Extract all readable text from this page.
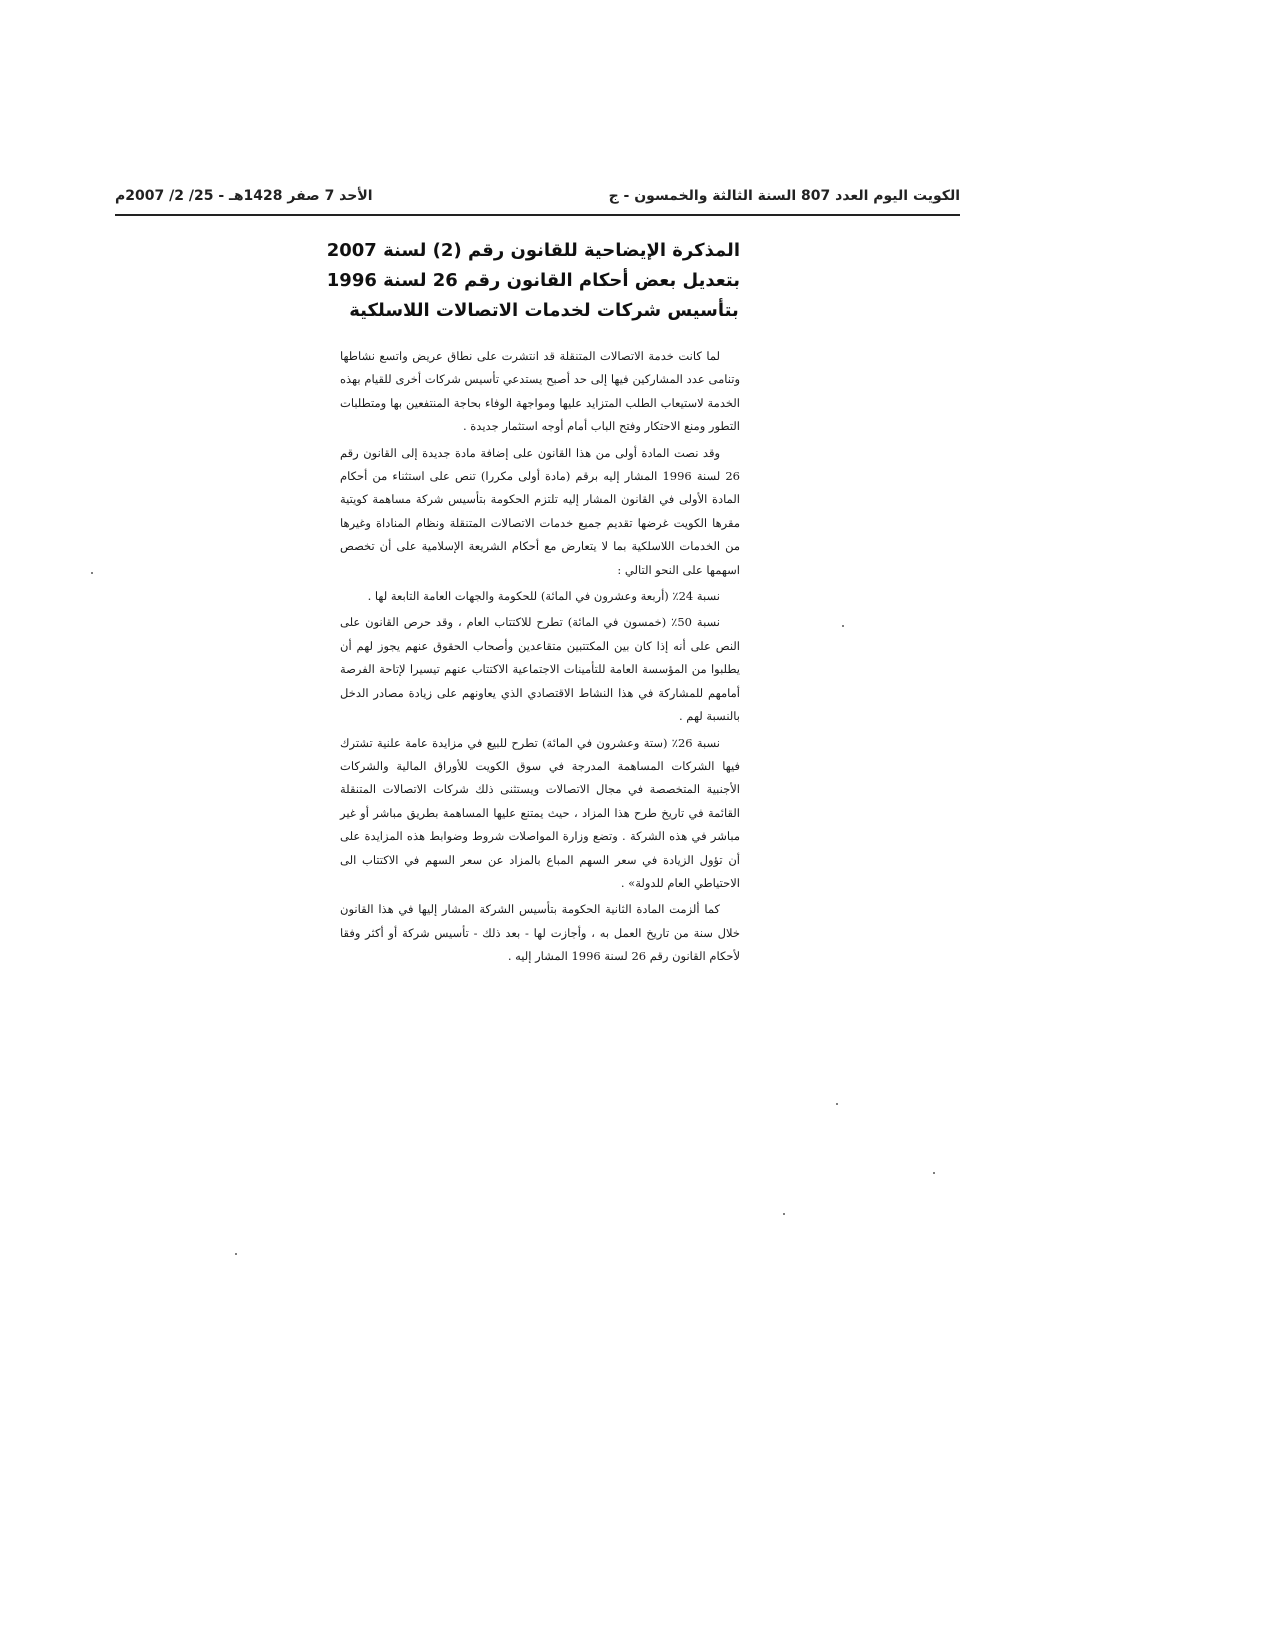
الكويت اليوم العدد 807 السنة الثالثة والخمسون - ج
الأحد 7 صفر 1428هـ - 25/ 2/ 2007م
المذكرة الإيضاحية للقانون رقم (2) لسنة 2007
بتعديل بعض أحكام القانون رقم 26 لسنة 1996
بتأسيس شركات لخدمات الاتصالات اللاسلكية

لما كانت خدمة الاتصالات المتنقلة قد انتشرت على نطاق عريض واتسع نشاطها وتنامى عدد المشاركين فيها إلى حد أصبح يستدعي تأسيس شركات أخرى للقيام بهذه الخدمة لاستيعاب الطلب المتزايد عليها ومواجهة الوفاء بحاجة المنتفعين بها ومتطلبات التطور ومنع الاحتكار وفتح الباب أمام أوجه استثمار جديدة .

وقد نصت المادة أولى من هذا القانون على إضافة مادة جديدة إلى القانون رقم 26 لسنة 1996 المشار إليه برقم (مادة أولى مكررا) تنص على استثناء من أحكام المادة الأولى في القانون المشار إليه تلتزم الحكومة بتأسيس شركة مساهمة كويتية مقرها الكويت غرضها تقديم جميع خدمات الاتصالات المتنقلة ونظام المناداة وغيرها من الخدمات اللاسلكية بما لا يتعارض مع أحكام الشريعة الإسلامية على أن تخصص اسهمها على النحو التالي :

نسبة 24٪ (أربعة وعشرون في المائة) للحكومة والجهات العامة التابعة لها .

نسبة 50٪ (خمسون في المائة) تطرح للاكتتاب العام ، وقد حرص القانون على النص على أنه إذا كان بين المكتتبين متقاعدين وأصحاب الحقوق عنهم يجوز لهم أن يطلبوا من المؤسسة العامة للتأمينات الاجتماعية الاكتتاب عنهم تيسيرا لإتاحة الفرصة أمامهم للمشاركة في هذا النشاط الاقتصادي الذي يعاونهم على زيادة مصادر الدخل بالنسبة لهم .

نسبة 26٪ (ستة وعشرون في المائة) تطرح للبيع في مزايدة عامة علنية تشترك فيها الشركات المساهمة المدرجة في سوق الكويت للأوراق المالية والشركات الأجنبية المتخصصة في مجال الاتصالات ويستثنى ذلك شركات الاتصالات المتنقلة القائمة في تاريخ طرح هذا المزاد ، حيث يمتنع عليها المساهمة بطريق مباشر أو غير مباشر في هذه الشركة . وتضع وزارة المواصلات شروط وضوابط هذه المزايدة على أن تؤول الزيادة في سعر السهم المباع بالمزاد عن سعر السهم في الاكتتاب الى الاحتياطي العام للدولة» .

كما ألزمت المادة الثانية الحكومة بتأسيس الشركة المشار إليها في هذا القانون خلال سنة من تاريخ العمل به ، وأجازت لها - بعد ذلك - تأسيس شركة أو أكثر وفقا لأحكام القانون رقم 26 لسنة 1996 المشار إليه .
